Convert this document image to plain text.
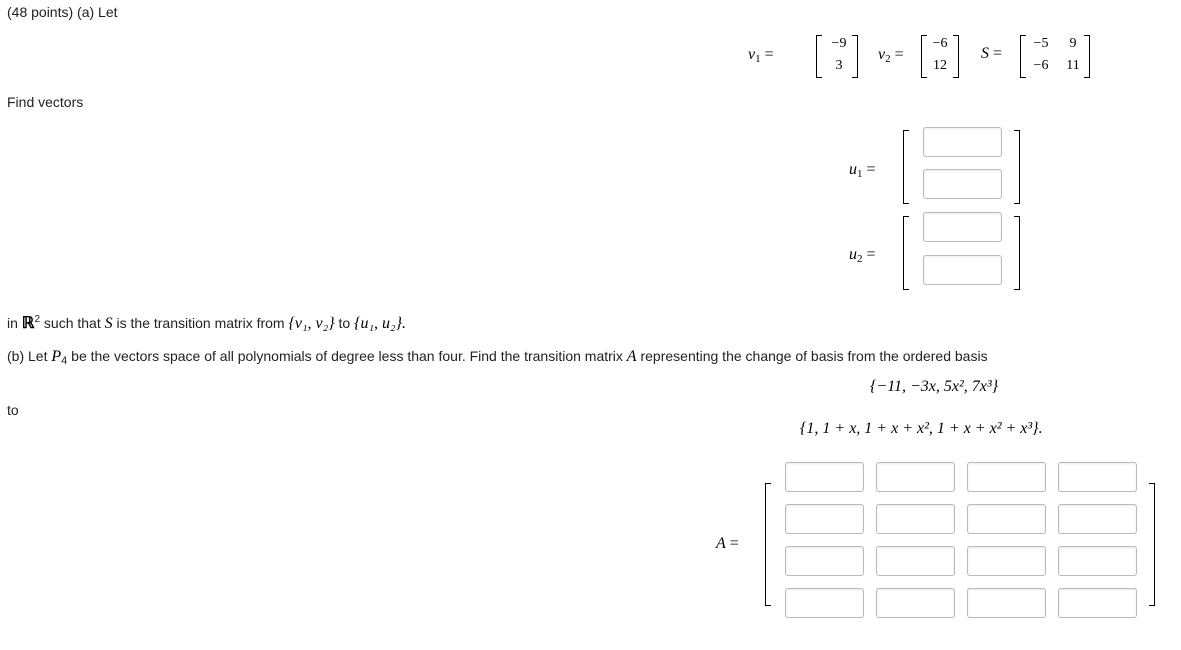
(48 points) (a) Let
$v_1$ =
−9
3
$v_2$ =
−6
12
S =
−5	9
−6	11
Find vectors
$u_1$ =
$u_2$ =
in ℝ$^2$ such that S is the transition matrix from {v₁, v₂} to {u₁, u₂}.
(b) Let $P_4$ be the vectors space of all polynomials of degree less than four. Find the transition matrix A representing the change of basis from the ordered basis
{−11, −3x, 5x², 7x³}
to
{1, 1 + x, 1 + x + x², 1 + x + x² + x³}.
A =
